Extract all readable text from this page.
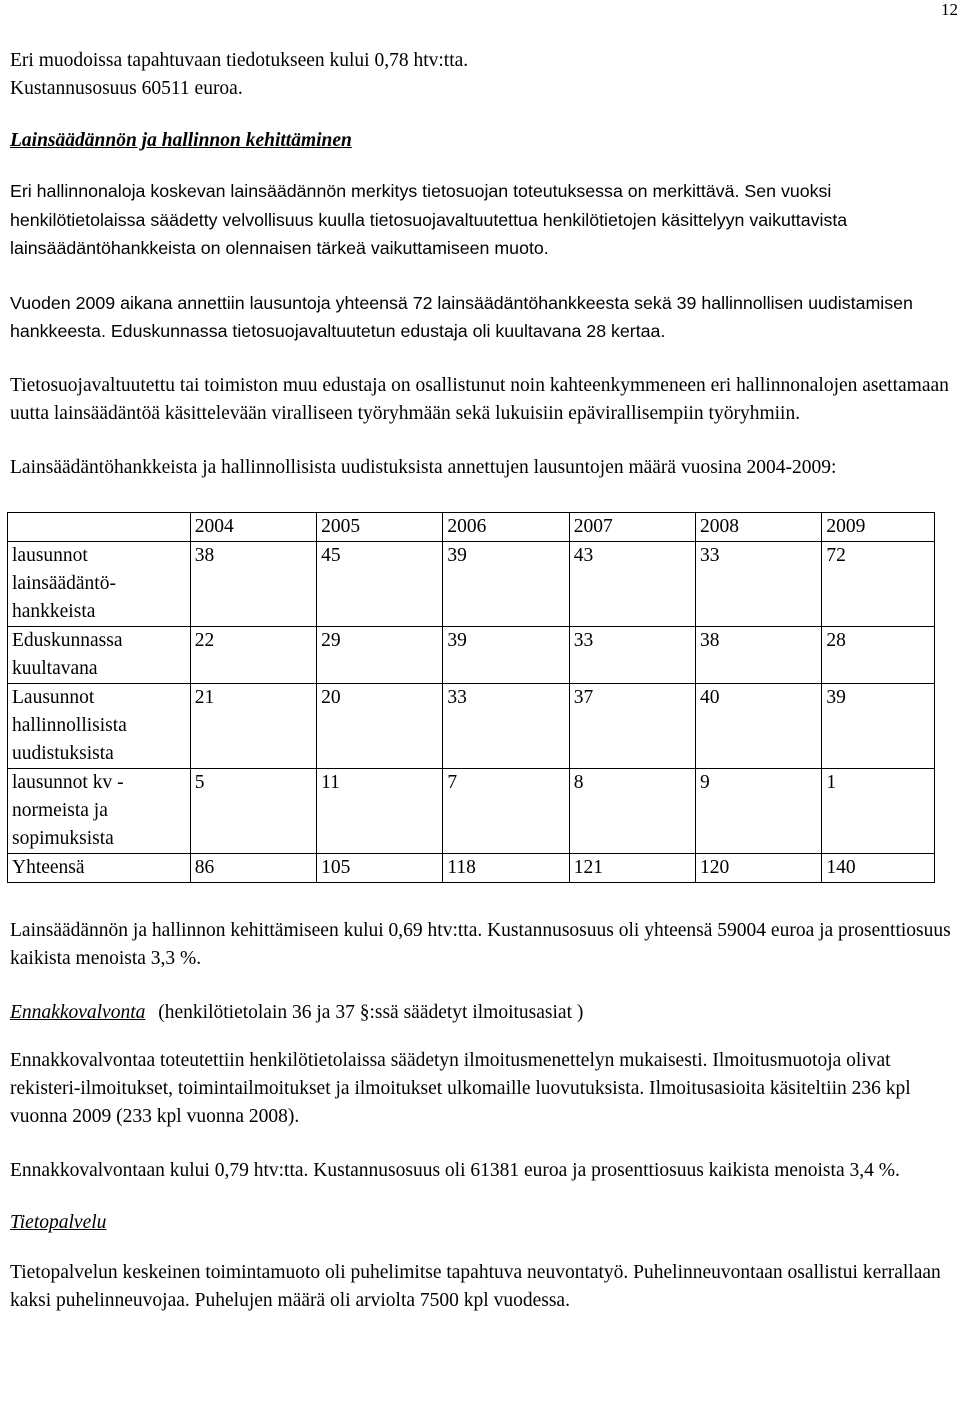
12

Eri muodoissa tapahtuvaan tiedotukseen kului 0,78 htv:tta.
Kustannusosuus 60511 euroa.

Lainsäädännön ja hallinnon kehittäminen

Eri hallinnonaloja koskevan lainsäädännön merkitys tietosuojan toteutuksessa on merkittävä. Sen vuoksi henkilötietolaissa säädetty velvollisuus kuulla tietosuojavaltuutettua henkilötietojen käsittelyyn vaikuttavista lainsäädäntöhankkeista on olennaisen tärkeä vaikuttamiseen muoto.

Vuoden 2009 aikana annettiin lausuntoja yhteensä 72 lainsäädäntöhankkeesta sekä 39 hallinnollisen uudistamisen hankkeesta. Eduskunnassa tietosuojavaltuutetun edustaja oli kuultavana 28 kertaa.

Tietosuojavaltuutettu tai toimiston muu edustaja on osallistunut noin kahteenkymmeneen eri hallinnonalojen asettamaan uutta lainsäädäntöä käsittelevään viralliseen työryhmään sekä lukuisiin epävirallisempiin työryhmiin.

Lainsäädäntöhankkeista ja hallinnollisista uudistuksista annettujen lausuntojen määrä vuosina 2004-2009:

	2004	2005	2006	2007	2008	2009
lausunnot lainsäädäntö-hankkeista	38	45	39	43	33	72
Eduskunnassa kuultavana	22	29	39	33	38	28
Lausunnot hallinnollisista uudistuksista	21	20	33	37	40	39
lausunnot kv - normeista ja sopimuksista	5	11	7	8	9	1
Yhteensä	86	105	118	121	120	140

Lainsäädännön ja hallinnon kehittämiseen kului 0,69 htv:tta. Kustannusosuus oli yhteensä 59004 euroa ja prosenttiosuus kaikista menoista 3,3 %.

Ennakkovalvonta (henkilötietolain 36 ja 37 §:ssä säädetyt ilmoitusasiat )

Ennakkovalvontaa toteutettiin henkilötietolaissa säädetyn ilmoitusmenettelyn mukaisesti. Ilmoitusmuotoja olivat rekisteri-ilmoitukset, toimintailmoitukset ja ilmoitukset ulkomaille luovutuksista. Ilmoitusasioita käsiteltiin 236 kpl vuonna 2009 (233 kpl vuonna 2008).

Ennakkovalvontaan kului 0,79 htv:tta. Kustannusosuus oli 61381 euroa ja prosenttiosuus kaikista menoista 3,4 %.

Tietopalvelu

Tietopalvelun keskeinen toimintamuoto oli puhelimitse tapahtuva neuvontatyö. Puhelinneuvontaan osallistui kerrallaan kaksi puhelinneuvojaa. Puhelujen määrä oli arviolta 7500 kpl vuodessa.
